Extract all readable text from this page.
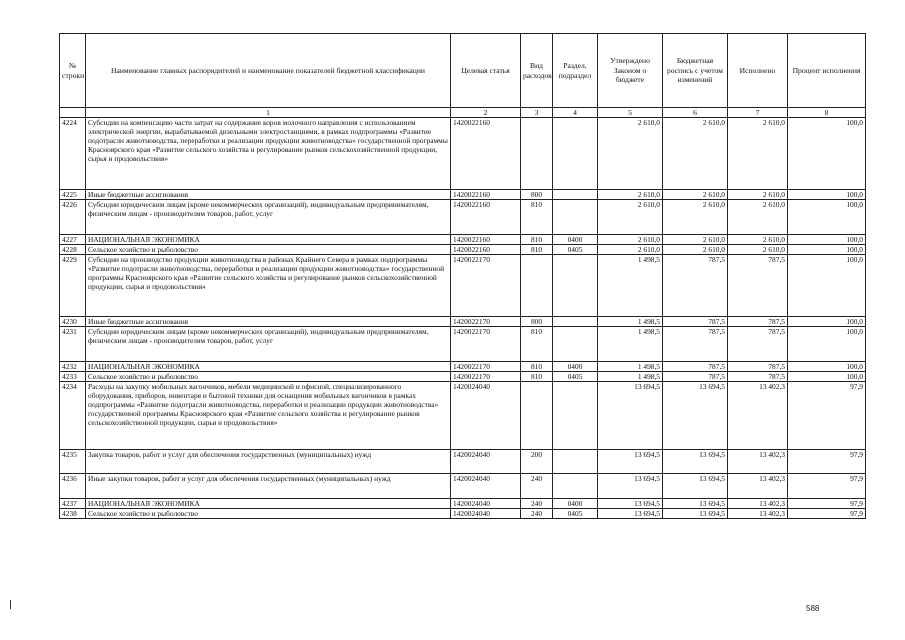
№ строки	Наименование главных распорядителей и наименование показателей бюджетной классификации	Целевая статья	Вид расходов	Раздел, подраздел	Утверждено Законом о бюджете	Бюджетная роспись с учетом изменений	Исполнено	Процент исполнения
	1	2	3	4	5	6	7	8
4224	Субсидии на компенсацию части затрат на содержание коров молочного направления с использованием электрической энергии, вырабатываемой дизельными электростанциями, в рамках подпрограммы «Развитие подотрасли животноводства, переработки и реализации продукции животноводства» государственной программы Красноярского края «Развитие сельского хозяйства и регулирование рынков сельскохозяйственной продукции, сырья и продовольствия»	1420022160			2 610,0	2 610,0	2 610,0	100,0
4225	Иные бюджетные ассигнования	1420022160	800		2 610,0	2 610,0	2 610,0	100,0
4226	Субсидии юридическим лицам (кроме некоммерческих организаций), индивидуальным предпринимателям, физическим лицам - производителям товаров, работ, услуг	1420022160	810		2 610,0	2 610,0	2 610,0	100,0
4227	НАЦИОНАЛЬНАЯ ЭКОНОМИКА	1420022160	810	0400	2 610,0	2 610,0	2 610,0	100,0
4228	Сельское хозяйство и рыболовство	1420022160	810	0405	2 610,0	2 610,0	2 610,0	100,0
4229	Субсидии на производство продукции животноводства в районах Крайнего Севера в рамках подпрограммы «Развитие подотрасли животноводства, переработки и реализации продукции животноводства» государственной программы Красноярского края «Развитие сельского хозяйства и регулирование рынков сельскохозяйственной продукции, сырья и продовольствия»	1420022170			1 498,5	787,5	787,5	100,0
4230	Иные бюджетные ассигнования	1420022170	800		1 498,5	787,5	787,5	100,0
4231	Субсидии юридическим лицам (кроме некоммерческих организаций), индивидуальным предпринимателям, физическим лицам - производителям товаров, работ, услуг	1420022170	810		1 498,5	787,5	787,5	100,0
4232	НАЦИОНАЛЬНАЯ ЭКОНОМИКА	1420022170	810	0400	1 498,5	787,5	787,5	100,0
4233	Сельское хозяйство и рыболовство	1420022170	810	0405	1 498,5	787,5	787,5	100,0
4234	Расходы на закупку мобильных вагончиков, мебели медицинской и офисной, специализированного оборудования, приборов, инвентаря и бытовой техники для оснащения мобильных вагончиков в рамках подпрограммы «Развитие подотрасли животноводства, переработки и реализации продукции животноводства» государственной программы Красноярского края «Развитие сельского хозяйства и регулирование рынков сельскохозяйственной продукции, сырья и продовольствия»	1420024040			13 694,5	13 694,5	13 402,3	97,9
4235	Закупка товаров, работ и услуг для обеспечения государственных (муниципальных) нужд	1420024040	200		13 694,5	13 694,5	13 402,3	97,9
4236	Иные закупки товаров, работ и услуг для обеспечения государственных (муниципальных) нужд	1420024040	240		13 694,5	13 694,5	13 402,3	97,9
4237	НАЦИОНАЛЬНАЯ ЭКОНОМИКА	1420024040	240	0400	13 694,5	13 694,5	13 402,3	97,9
4238	Сельское хозяйство и рыболовство	1420024040	240	0405	13 694,5	13 694,5	13 402,3	97,9
588
